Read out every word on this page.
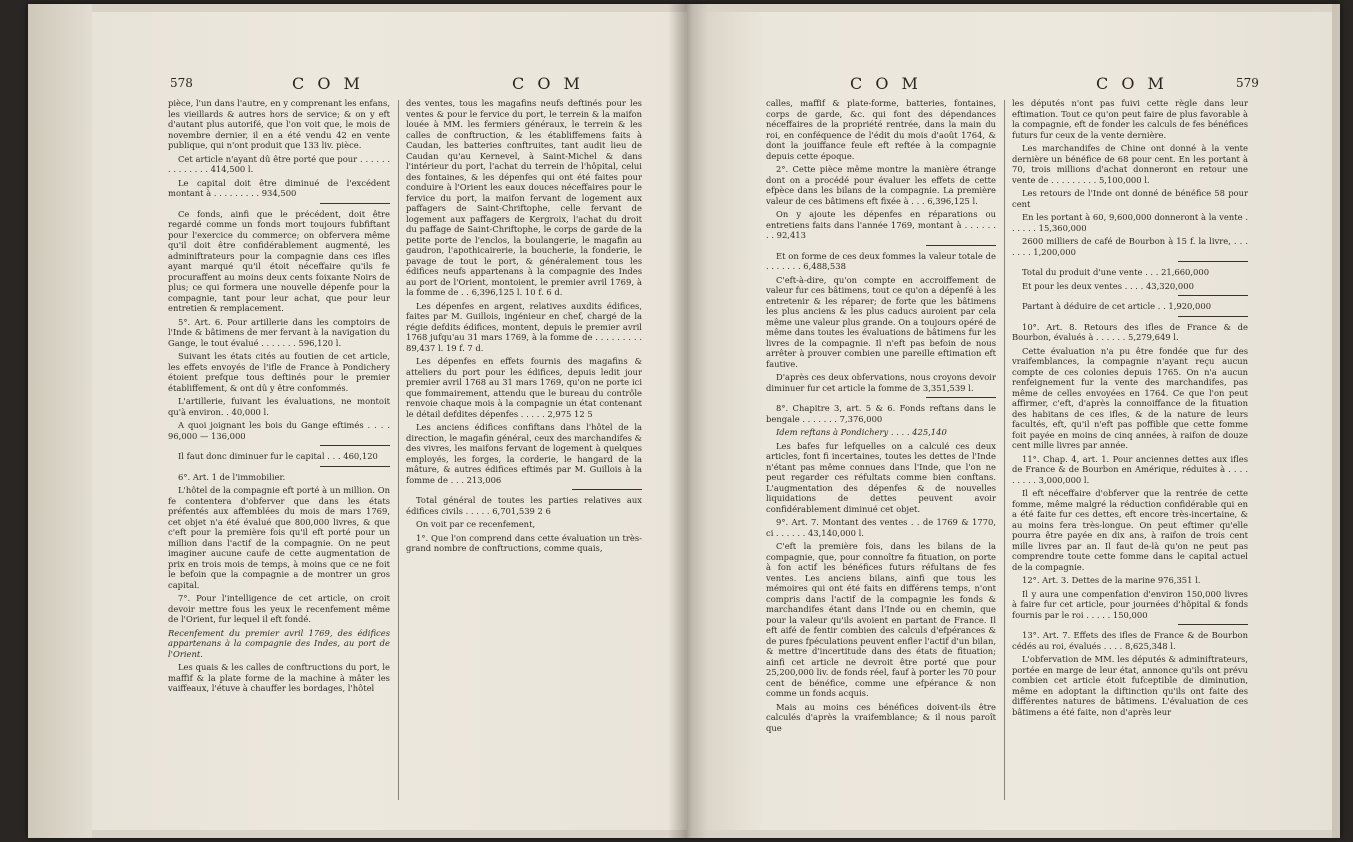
578	C O M	C O M

pièce, l'un dans l'autre, en y comprenant les enfans, les vieillards & autres hors de service; & on y eft d'autant plus autorifé, que l'on voit que, le mois de novembre dernier, il en a été vendu 42 en vente publique, qui n'ont produit que 133 liv. pièce.

Cet article n'ayant dû être porté que pour . . . . . . . . . . . . . . 414,500 l.

Le capital doit être diminué de l'excédent montant à . . . . . . . . . 934,500

Ce fonds, ainfi que le précédent, doit être regardé comme un fonds mort toujours fubfiftant pour l'exercice du commerce; on obfervera même qu'il doit être confidérablement augmenté, les adminiftrateurs pour la compagnie dans ces ifles ayant marqué qu'il étoit néceffaire qu'ils fe procuraffent au moins deux cents foixante Noirs de plus; ce qui formera une nouvelle dépenfe pour la compagnie, tant pour leur achat, que pour leur entretien & remplacement.

5°. Art. 6. Pour artillerie dans les comptoirs de l'Inde & bâtimens de mer fervant à la navigation du Gange, le tout évalué . . . . . . . 596,120 l.

Suivant les états cités au foutien de cet article, les effets envoyés de l'ifle de France à Pondichery étoient prefque tous deftinés pour le premier établiffement, & ont dû y être confommés.

L'artillerie, fuivant les évaluations, ne montoit qu'à environ. . 40,000 l.

A quoi joignant les bois du Gange eftimés . . . . 96,000 — 136,000

Il faut donc diminuer fur le capital . . . 460,120

6°. Art. 1 de l'immobilier.

L'hôtel de la compagnie eft porté à un million. On fe contentera d'obferver que dans les états préfentés aux affemblées du mois de mars 1769, cet objet n'a été évalué que 800,000 livres, & que c'eft pour la première fois qu'il eft porté pour un million dans l'actif de la compagnie. On ne peut imaginer aucune caufe de cette augmentation de prix en trois mois de temps, à moins que ce ne foit le befoin que la compagnie a de montrer un gros capital.

7°. Pour l'intelligence de cet article, on croit devoir mettre fous les yeux le recenfement même de l'Orient, fur lequel il eft fondé.

Recenfement du premier avril 1769, des édifices appartenans à la compagnie des Indes, au port de l'Orient.

Les quais & les calles de conftructions du port, le maffif & la plate forme de la machine à mâter les vaiffeaux, l'étuve à chauffer les bordages, l'hôtel

des ventes, tous les magafins neufs deftinés pour les ventes & pour le fervice du port, le terrein & la maifon louée à MM. les fermiers généraux, le terrein & les calles de conftruction, & les établiffemens faits à Caudan, les batteries conftruites, tant audit lieu de Caudan qu'au Kernevel, à Saint-Michel & dans l'intérieur du port, l'achat du terrein de l'hôpital, celui des fontaines, & les dépenfes qui ont été faites pour conduire à l'Orient les eaux douces néceffaires pour le fervice du port, la maifon fervant de logement aux paffagers de Saint-Chriftophe, celle fervant de logement aux paffagers de Kergroix, l'achat du droit du paffage de Saint-Chriftophe, le corps de garde de la petite porte de l'enclos, la boulangerie, le magafin au gaudron, l'apothicairerie, la boucherie, la fonderie, le pavage de tout le port, & généralement tous les édifices neufs appartenans à la compagnie des Indes au port de l'Orient, montoient, le premier avril 1769, à la fomme de . . 6,396,125 l. 10 f. 6 d.

Les dépenfes en argent, relatives auxdits édifices, faites par M. Guillois, ingénieur en chef, chargé de la régie defdits édifices, montent, depuis le premier avril 1768 jufqu'au 31 mars 1769, à la fomme de . . . . . . . . . 89,437 l. 19 f. 7 d.

Les dépenfes en effets fournis des magafins & atteliers du port pour les édifices, depuis ledit jour premier avril 1768 au 31 mars 1769, qu'on ne porte ici que fommairement, attendu que le bureau du contrôle renvoie chaque mois à la compagnie un état contenant le détail defdites dépenfes . . . . . 2,975 12 5

Les anciens édifices confiftans dans l'hôtel de la direction, le magafin général, ceux des marchandifes & des vivres, les maifons fervant de logement à quelques employés, les forges, la corderie, le hangard de la mâture, & autres édifices eftimés par M. Guillois à la fomme de . . . 213,006

Total général de toutes les parties relatives aux édifices civils . . . . . 6,701,539 2 6

On voit par ce recenfement,

1°. Que l'on comprend dans cette évaluation un très-grand nombre de conftructions, comme quais,

C O M	C O M	579

calles, maffif & plate-forme, batteries, fontaines, corps de garde, &c. qui font des dépendances néceffaires de la propriété rentrée, dans la main du roi, en conféquence de l'édit du mois d'août 1764, & dont la jouiffance feule eft reftée à la compagnie depuis cette époque.

2°. Cette pièce même montre la manière étrange dont on a procédé pour évaluer les effets de cette efpèce dans les bilans de la compagnie. La première valeur de ces bâtimens eft fixée à . . . 6,396,125 l.

On y ajoute les dépenfes en réparations ou entretiens faits dans l'année 1769, montant à . . . . . . . . 92,413

Et on forme de ces deux fommes la valeur totale de . . . . . . . 6,488,538

C'eft-à-dire, qu'on compte en accroiffement de valeur fur ces bâtimens, tout ce qu'on a dépenfé à les entretenir & les réparer; de forte que les bâtimens les plus anciens & les plus caducs auroient par cela même une valeur plus grande. On a toujours opéré de même dans toutes les évaluations de bâtimens fur les livres de la compagnie. Il n'eft pas befoin de nous arrêter à prouver combien une pareille eftimation eft fautive.

D'après ces deux obfervations, nous croyons devoir diminuer fur cet article la fomme de 3,351,539 l.

8°. Chapitre 3, art. 5 & 6. Fonds reftans dans le bengale . . . . . . . 7,376,000

Idem reftans à Pondichery . . . . 425,140

Les bafes fur lefquelles on a calculé ces deux articles, font fi incertaines, toutes les dettes de l'Inde n'étant pas même connues dans l'Inde, que l'on ne peut regarder ces réfultats comme bien conftans. L'augmentation des dépenfes & de nouvelles liquidations de dettes peuvent avoir confidérablement diminué cet objet.

9°. Art. 7. Montant des ventes . . de 1769 & 1770, ci . . . . . . 43,140,000 l.

C'eft la première fois, dans les bilans de la compagnie, que, pour connoître fa fituation, on porte à fon actif les bénéfices futurs réfultans de fes ventes. Les anciens bilans, ainfi que tous les mémoires qui ont été faits en différens temps, n'ont compris dans l'actif de la compagnie les fonds & marchandifes étant dans l'Inde ou en chemin, que pour la valeur qu'ils avoient en partant de France. Il eft aifé de fentir combien des calculs d'efpérances & de pures fpéculations peuvent enfler l'actif d'un bilan, & mettre d'incertitude dans des états de fituation; ainfi cet article ne devroit être porté que pour 25,200,000 liv. de fonds réel, fauf à porter les 70 pour cent de bénéfice, comme une efpérance & non comme un fonds acquis.

Mais au moins ces bénéfices doivent-ils être calculés d'après la vraifemblance; & il nous paroît que

les députés n'ont pas fuivi cette règle dans leur eftimation. Tout ce qu'on peut faire de plus favorable à la compagnie, eft de fonder les calculs de fes bénéfices futurs fur ceux de la vente dernière.

Les marchandifes de Chine ont donné à la vente dernière un bénéfice de 68 pour cent. En les portant à 70, trois millions d'achat donneront en retour une vente de . . . . . . . . . 5,100,000 l.

Les retours de l'Inde ont donné de bénéfice 58 pour cent

En les portant à 60, 9,600,000 donneront à la vente . . . . . . 15,360,000

2600 milliers de café de Bourbon à 15 f. la livre, . . . . . . . 1,200,000

Total du produit d'une vente . . . 21,660,000

Et pour les deux ventes . . . . 43,320,000

Partant à déduire de cet article . . 1,920,000

10°. Art. 8. Retours des ifles de France & de Bourbon, évalués à . . . . . . 5,279,649 l.

Cette évaluation n'a pu être fondée que fur des vraifemblances, la compagnie n'ayant reçu aucun compte de ces colonies depuis 1765. On n'a aucun renfeignement fur la vente des marchandifes, pas même de celles envoyées en 1764. Ce que l'on peut affirmer, c'eft, d'après la connoiffance de la fituation des habitans de ces ifles, & de la nature de leurs facultés, eft, qu'il n'eft pas poffible que cette fomme foit payée en moins de cinq années, à raifon de douze cent mille livres par année.

11°. Chap. 4, art. 1. Pour anciennes dettes aux ifles de France & de Bourbon en Amérique, réduites à . . . . . . . . . 3,000,000 l.

Il eft néceffaire d'obferver que la rentrée de cette fomme, même malgré la réduction confidérable qui en a été faite fur ces dettes, eft encore très-incertaine, & au moins fera très-longue. On peut eftimer qu'elle pourra être payée en dix ans, à raifon de trois cent mille livres par an. Il faut de-là qu'on ne peut pas comprendre toute cette fomme dans le capital actuel de la compagnie.

12°. Art. 3. Dettes de la marine 976,351 l.

Il y aura une compenfation d'environ 150,000 livres à faire fur cet article, pour journées d'hôpital & fonds fournis par le roi . . . . . 150,000

13°. Art. 7. Effets des ifles de France & de Bourbon cédés au roi, évalués . . . . 8,625,348 l.

L'obfervation de MM. les députés & adminiftrateurs, portée en marge de leur état, annonce qu'ils ont prévu combien cet article étoit fufceptible de diminution, même en adoptant la diftinction qu'ils ont faite des différentes natures de bâtimens. L'évaluation de ces bâtimens a été faite, non d'après leur
